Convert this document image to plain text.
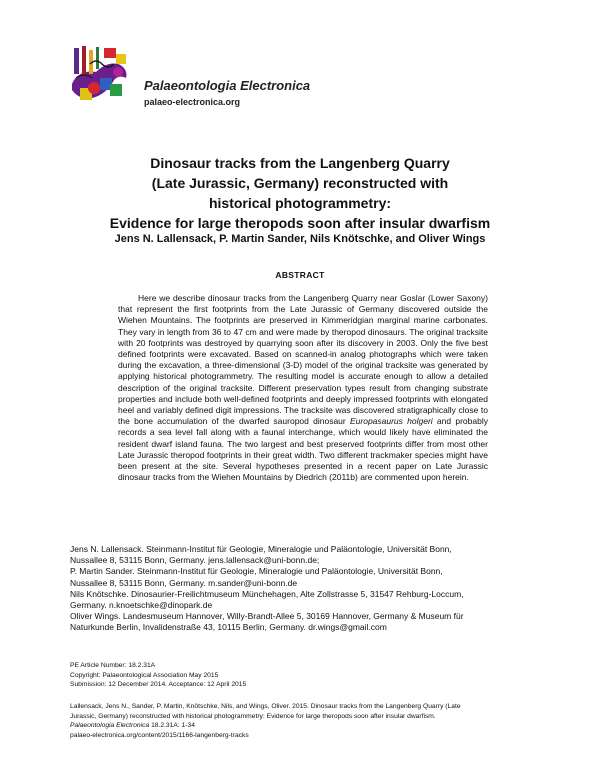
Palaeontologia Electronica
palaeo-electronica.org
Dinosaur tracks from the Langenberg Quarry
(Late Jurassic, Germany) reconstructed with
historical photogrammetry:
Evidence for large theropods soon after insular dwarfism
Jens N. Lallensack, P. Martin Sander, Nils Knötschke, and Oliver Wings
ABSTRACT
Here we describe dinosaur tracks from the Langenberg Quarry near Goslar (Lower Saxony) that represent the first footprints from the Late Jurassic of Germany discovered outside the Wiehen Mountains. The footprints are preserved in Kimmeridgian marginal marine carbonates. They vary in length from 36 to 47 cm and were made by theropod dinosaurs. The original tracksite with 20 footprints was destroyed by quarrying soon after its discovery in 2003. Only the five best defined footprints were excavated. Based on scanned-in analog photographs which were taken during the excavation, a three-dimensional (3-D) model of the original tracksite was generated by applying historical photogrammetry. The resulting model is accurate enough to allow a detailed description of the original tracksite. Different preservation types result from changing substrate properties and include both well-defined footprints and deeply impressed footprints with elongated heel and variably defined digit impressions. The tracksite was discovered stratigraphically close to the bone accumulation of the dwarfed sauropod dinosaur Europasaurus holgeri and probably records a sea level fall along with a faunal interchange, which would likely have eliminated the resident dwarf island fauna. The two largest and best preserved footprints differ from most other Late Jurassic theropod footprints in their great width. Two different trackmaker species might have been present at the site. Several hypotheses presented in a recent paper on Late Jurassic dinosaur tracks from the Wiehen Mountains by Diedrich (2011b) are commented upon herein.
Jens N. Lallensack. Steinmann-Institut für Geologie, Mineralogie und Paläontologie, Universität Bonn,
Nussallee 8, 53115 Bonn, Germany. jens.lallensack@uni-bonn.de;
P. Martin Sander. Steinmann-Institut für Geologie, Mineralogie und Paläontologie, Universität Bonn,
Nussallee 8, 53115 Bonn, Germany. m.sander@uni-bonn.de
Nils Knötschke. Dinosaurier-Freilichtmuseum Münchehagen, Alte Zollstrasse 5, 31547 Rehburg-Loccum,
Germany. n.knoetschke@dinopark.de
Oliver Wings. Landesmuseum Hannover, Willy-Brandt-Allee 5, 30169 Hannover, Germany & Museum für
Naturkunde Berlin, Invalidenstraße 43, 10115 Berlin, Germany. dr.wings@gmail.com
PE Article Number: 18.2.31A
Copyright: Palaeontological Association May 2015
Submission: 12 December 2014. Acceptance: 12 April 2015
Lallensack, Jens N., Sander, P. Martin, Knötschke, Nils, and Wings, Oliver. 2015. Dinosaur tracks from the Langenberg Quarry (Late
Jurassic, Germany) reconstructed with historical photogrammetry: Evidence for large theropods soon after insular dwarfism.
Palaeontologia Electronica 18.2.31A: 1-34
palaeo-electronica.org/content/2015/1166-langenberg-tracks
